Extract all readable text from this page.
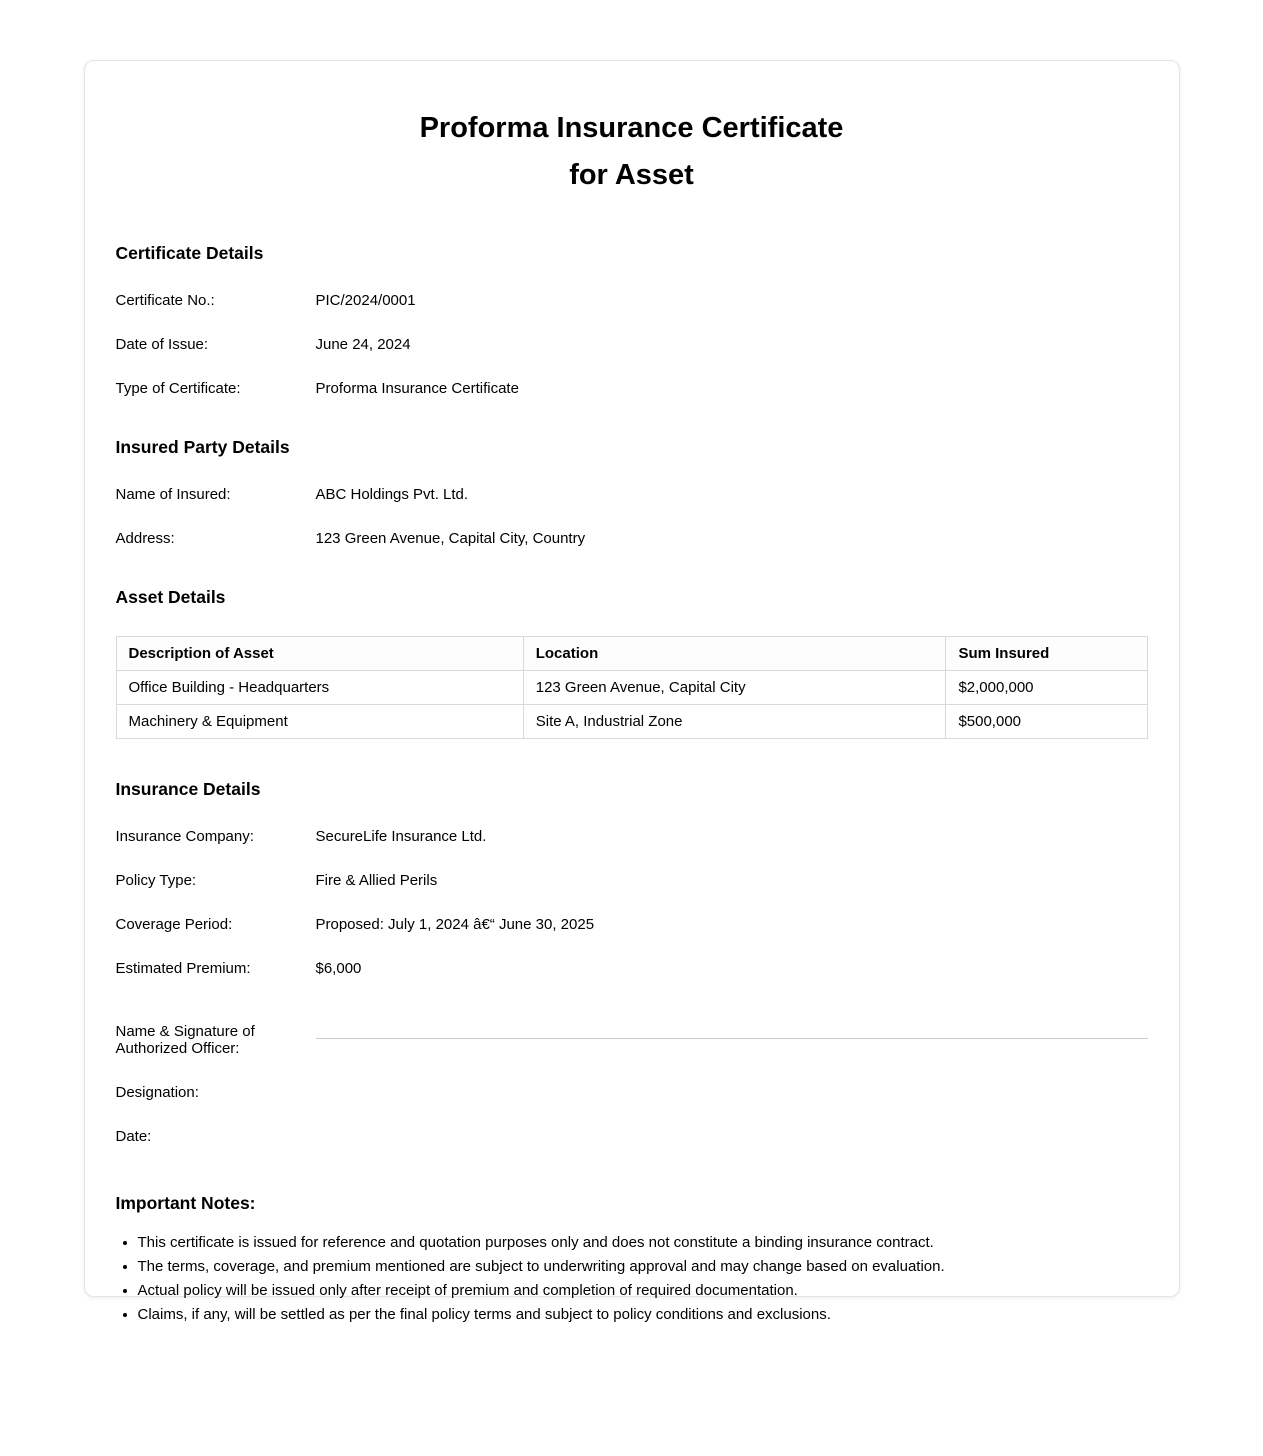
Proforma Insurance Certificate
for Asset
Certificate Details
Certificate No.:	PIC/2024/0001
Date of Issue:	June 24, 2024
Type of Certificate:	Proforma Insurance Certificate
Insured Party Details
Name of Insured:	ABC Holdings Pvt. Ltd.
Address:	123 Green Avenue, Capital City, Country
Asset Details
Description of Asset	Location	Sum Insured
Office Building - Headquarters	123 Green Avenue, Capital City	$2,000,000
Machinery & Equipment	Site A, Industrial Zone	$500,000
Insurance Details
Insurance Company:	SecureLife Insurance Ltd.
Policy Type:	Fire & Allied Perils
Coverage Period:	Proposed: July 1, 2024 â€“ June 30, 2025
Estimated Premium:	$6,000
Name & Signature of Authorized Officer:
Designation:
Date:
Important Notes:
• This certificate is issued for reference and quotation purposes only and does not constitute a binding insurance contract.
• The terms, coverage, and premium mentioned are subject to underwriting approval and may change based on evaluation.
• Actual policy will be issued only after receipt of premium and completion of required documentation.
• Claims, if any, will be settled as per the final policy terms and subject to policy conditions and exclusions.
